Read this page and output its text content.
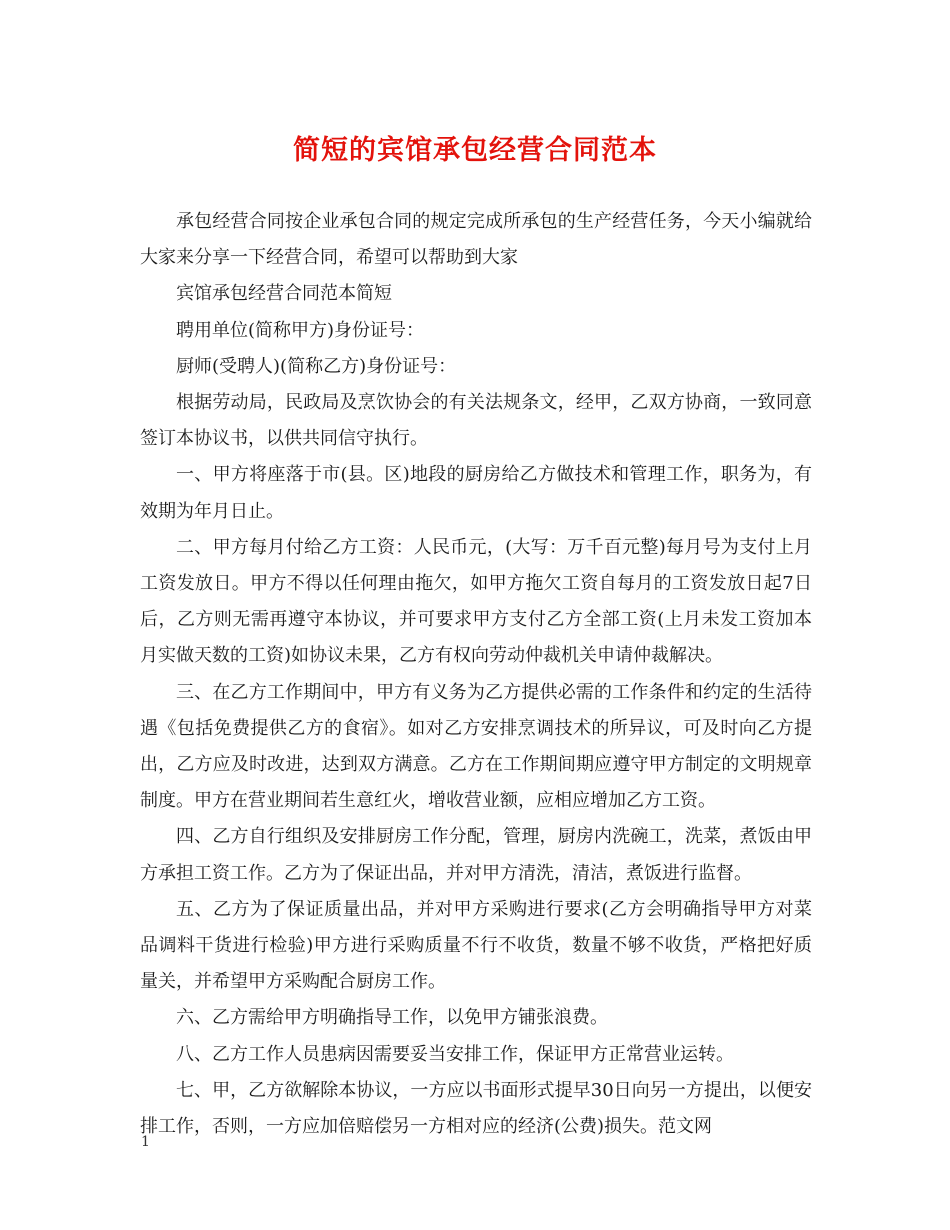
简短的宾馆承包经营合同范本

承包经营合同按企业承包合同的规定完成所承包的生产经营任务，今天小编就给大家来分享一下经营合同，希望可以帮助到大家

宾馆承包经营合同范本简短

聘用单位(简称甲方)身份证号：

厨师(受聘人)(简称乙方)身份证号：

根据劳动局，民政局及烹饮协会的有关法规条文，经甲，乙双方协商，一致同意签订本协议书，以供共同信守执行。

一、甲方将座落于市(县。区)地段的厨房给乙方做技术和管理工作，职务为，有效期为年月日止。

二、甲方每月付给乙方工资：人民币元，(大写：万千百元整)每月号为支付上月工资发放日。甲方不得以任何理由拖欠，如甲方拖欠工资自每月的工资发放日起7日后，乙方则无需再遵守本协议，并可要求甲方支付乙方全部工资(上月未发工资加本月实做天数的工资)如协议未果，乙方有权向劳动仲裁机关申请仲裁解决。

三、在乙方工作期间中，甲方有义务为乙方提供必需的工作条件和约定的生活待遇《包括免费提供乙方的食宿》。如对乙方安排烹调技术的所异议，可及时向乙方提出，乙方应及时改进，达到双方满意。乙方在工作期间期应遵守甲方制定的文明规章制度。甲方在营业期间若生意红火，增收营业额，应相应增加乙方工资。

四、乙方自行组织及安排厨房工作分配，管理，厨房内洗碗工，洗菜，煮饭由甲方承担工资工作。乙方为了保证出品，并对甲方清洗，清洁，煮饭进行监督。

五、乙方为了保证质量出品，并对甲方采购进行要求(乙方会明确指导甲方对菜品调料干货进行检验)甲方进行采购质量不行不收货，数量不够不收货，严格把好质量关，并希望甲方采购配合厨房工作。

六、乙方需给甲方明确指导工作，以免甲方铺张浪费。

八、乙方工作人员患病因需要妥当安排工作，保证甲方正常营业运转。

七、甲，乙方欲解除本协议，一方应以书面形式提早30日向另一方提出，以便安排工作，否则，一方应加倍赔偿另一方相对应的经济(公费)损失。范文网

1
